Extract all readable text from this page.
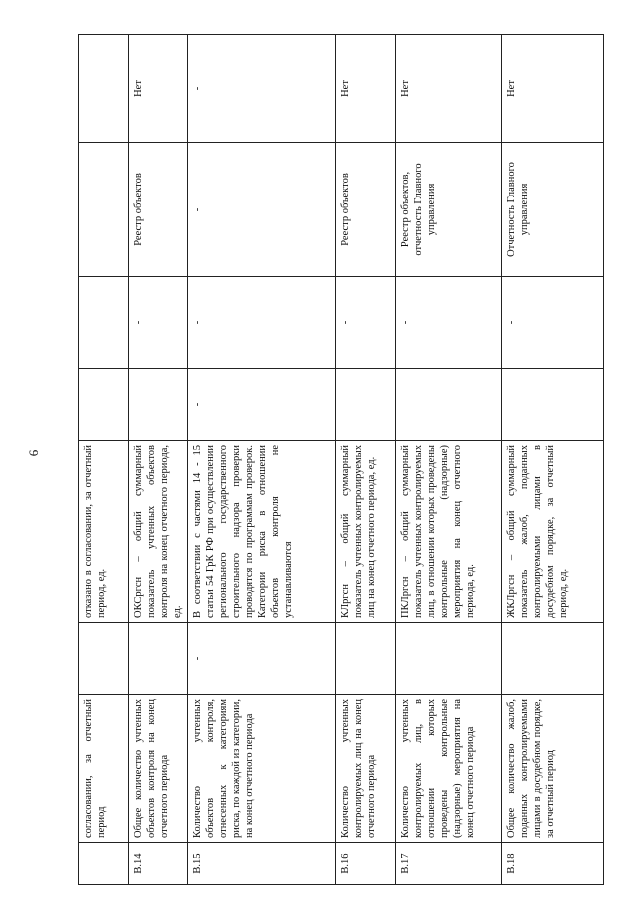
6
	согласовании, за отчетный период		отказано в согласовании, за отчетный период, ед.				
В.14	Общее количество учтенных объектов контроля на конец отчетного периода		ОКСргсн – общий суммарный показатель учтенных объектов контроля на конец отчетного периода, ед.		-	Реестр объектов	Нет
В.15	Количество учтенных объектов контроля, отнесенных к категориям риска, по каждой из категории, на конец отчетного периода	-	В соответствии с частями 14 - 15 статьи 54 ГрК РФ при осуществлении регионального государственного строительного надзора проверки проводятся по программам проверок. Категории риска в отношении объектов контроля не устанавливаются	-	-	-	-
В.16	Количество учтенных контролируемых лиц на конец отчетного периода		КЛргсн – общий суммарный показатель учтенных контролируемых лиц на конец отчетного периода, ед.		-	Реестр объектов	Нет
В.17	Количество учтенных контролируемых лиц, в отношении которых проведены контрольные (надзорные) мероприятия на конец отчетного периода		ПКЛргсн – общий суммарный показатель учтенных контролируемых лиц, в отношении которых проведены контрольные (надзорные) мероприятия на конец отчетного периода, ед.		-	Реестр объектов, отчетность Главного управления	Нет
В.18	Общее количество жалоб, поданных контролируемыми лицами в досудебном порядке, за отчетный период		ЖКЛргсн – общий суммарный показатель жалоб, поданных контролируемыми лицами в досудебном порядке, за отчетный период, ед.		-	Отчетность Главного управления	Нет
